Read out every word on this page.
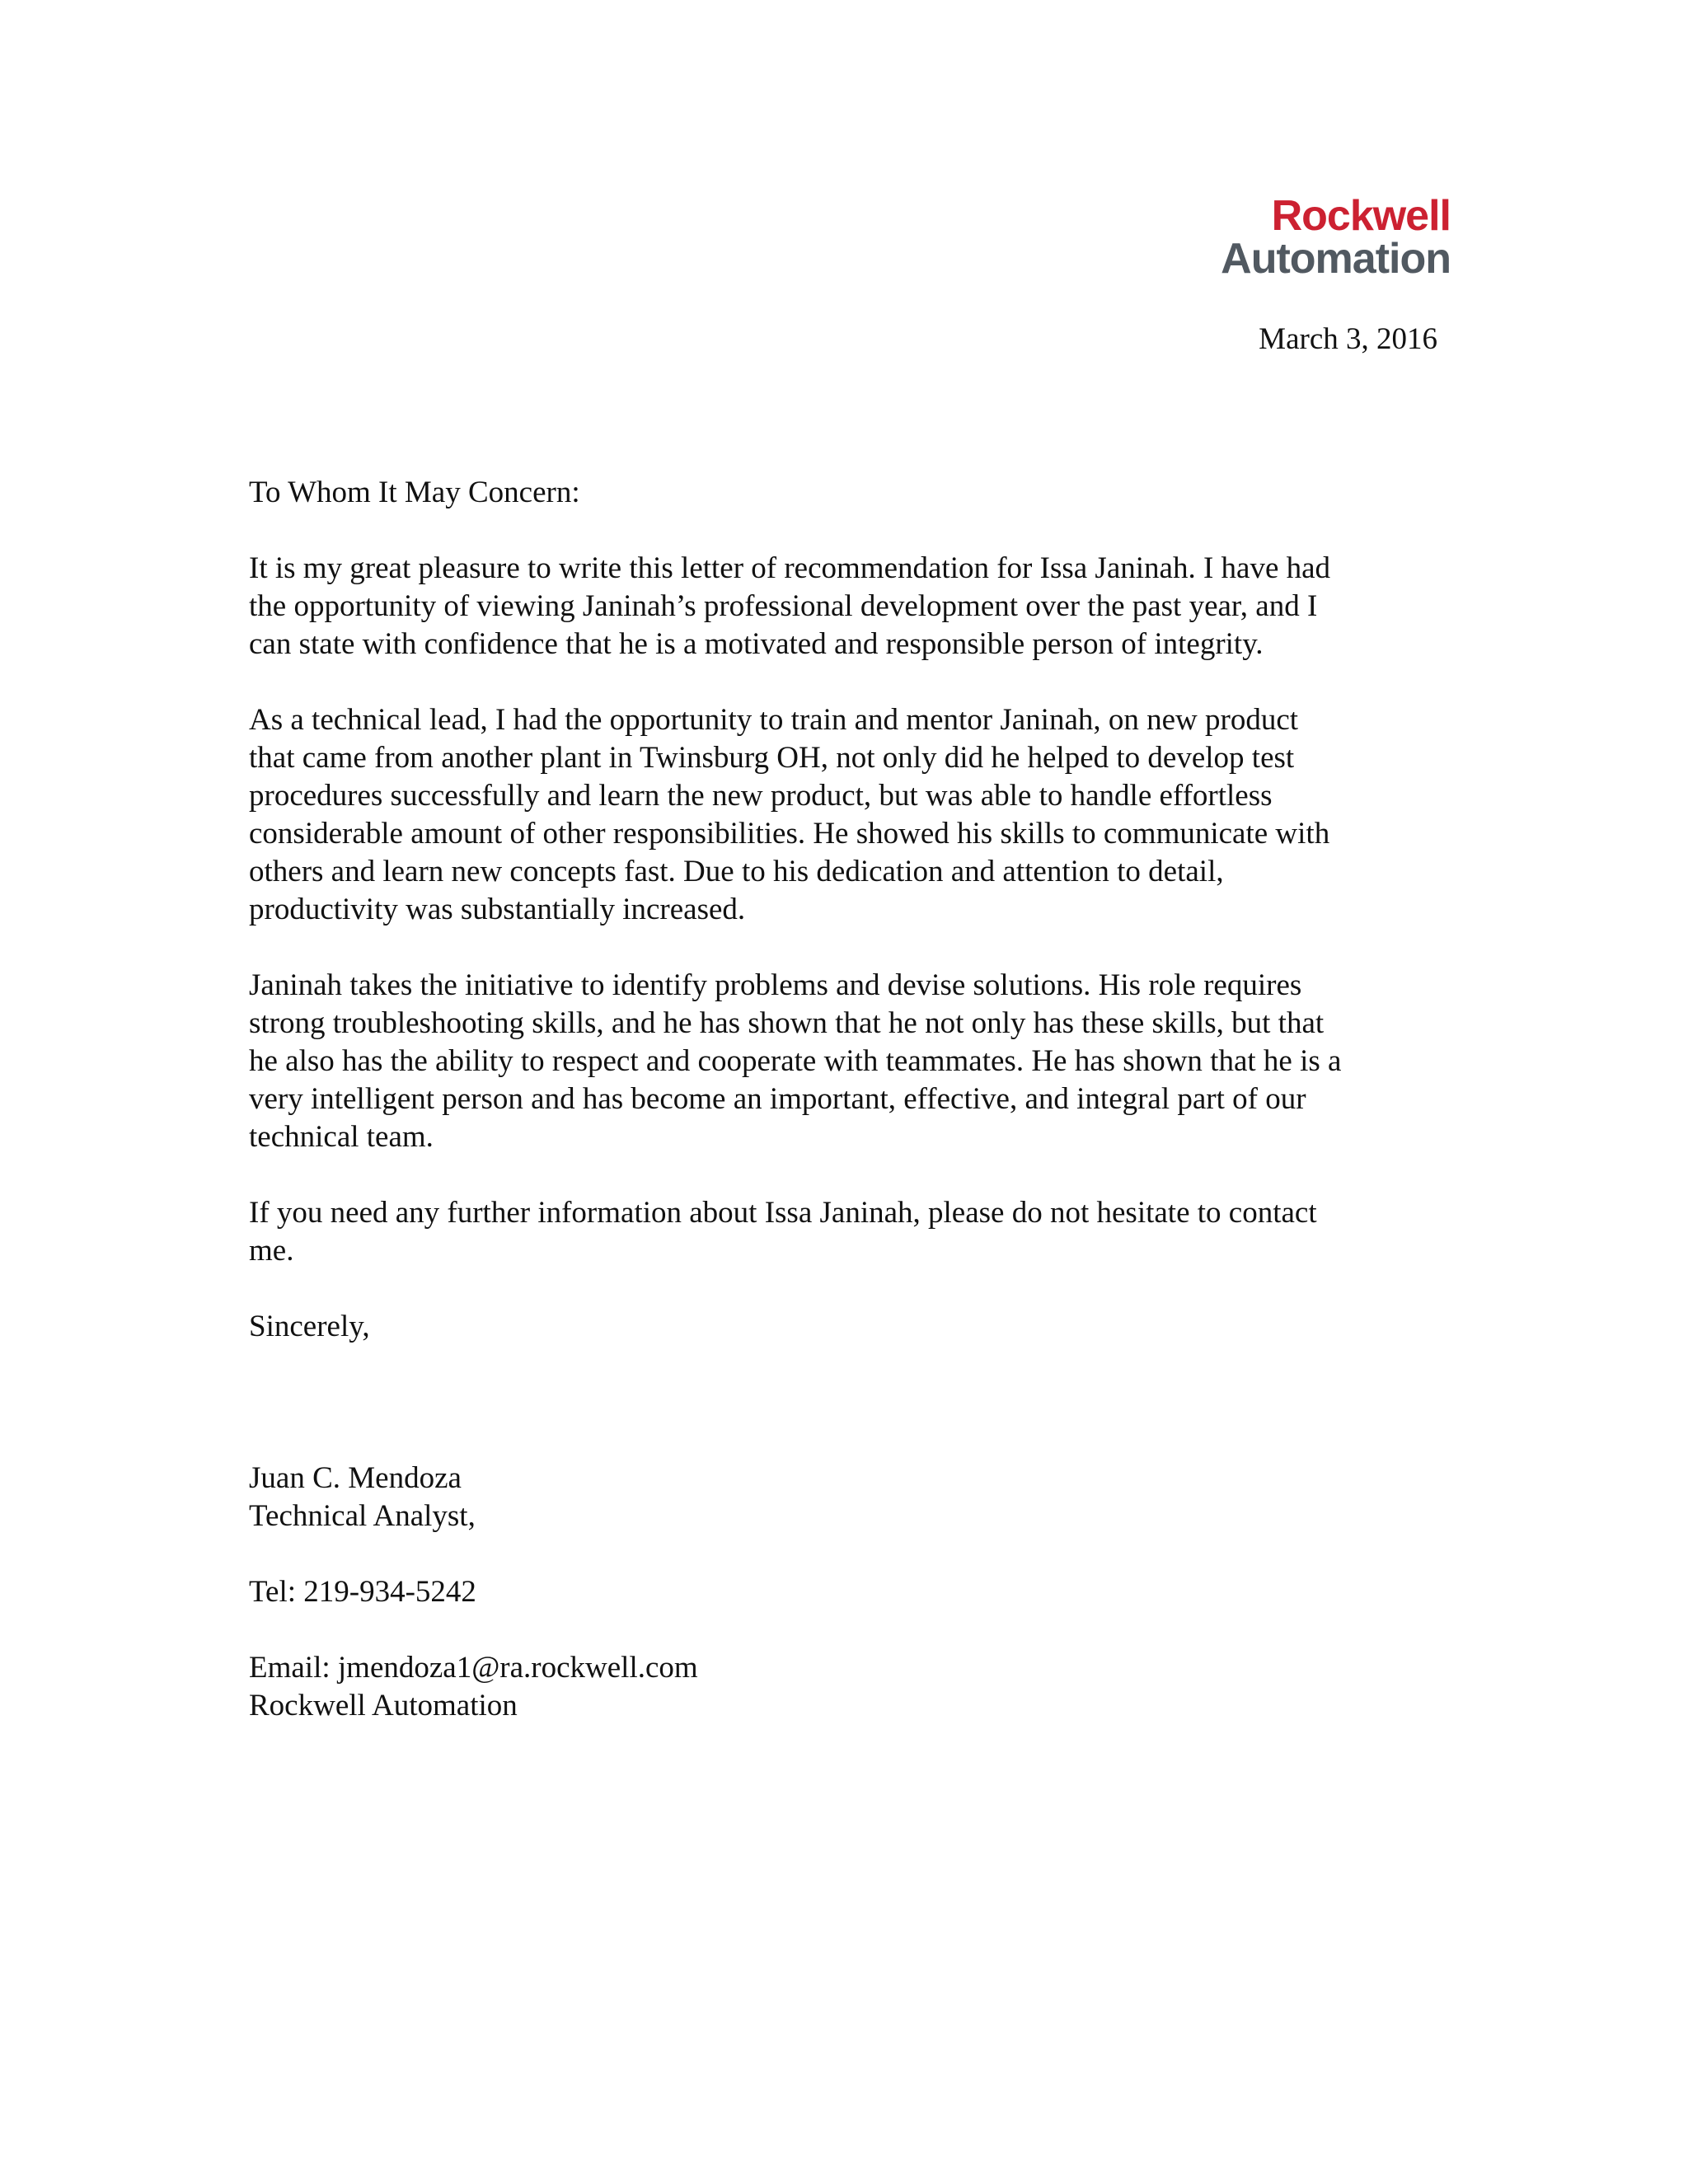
Rockwell
Automation
March 3, 2016
To Whom It May Concern:
It is my great pleasure to write this letter of recommendation for Issa Janinah. I have had
the opportunity of viewing Janinah’s professional development over the past year, and I
can state with confidence that he is a motivated and responsible person of integrity.
As a technical lead, I had the opportunity to train and mentor Janinah, on new product
that came from another plant in Twinsburg OH, not only did he helped to develop test
procedures successfully and learn the new product, but was able to handle effortless
considerable amount of other responsibilities. He showed his skills to communicate with
others and learn new concepts fast. Due to his dedication and attention to detail,
productivity was substantially increased.
Janinah takes the initiative to identify problems and devise solutions. His role requires
strong troubleshooting skills, and he has shown that he not only has these skills, but that
he also has the ability to respect and cooperate with teammates. He has shown that he is a
very intelligent person and has become an important, effective, and integral part of our
technical team.
If you need any further information about Issa Janinah, please do not hesitate to contact
me.
Sincerely,
Juan C. Mendoza
Technical Analyst,
Tel: 219-934-5242
Email: jmendoza1@ra.rockwell.com
Rockwell Automation
